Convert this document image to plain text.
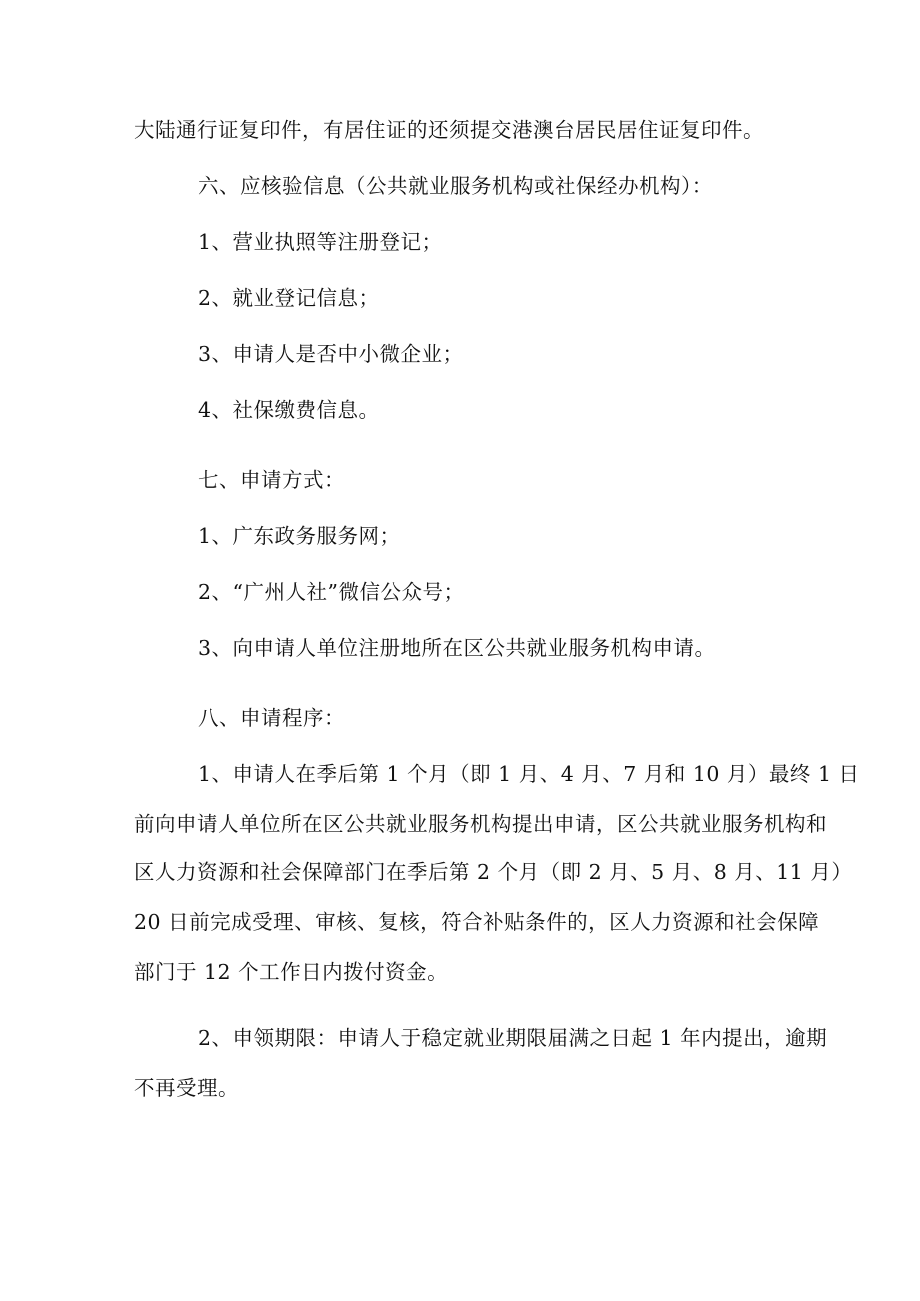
大陆通行证复印件，有居住证的还须提交港澳台居民居住证复印件。
六、应核验信息（公共就业服务机构或社保经办机构）：
1、营业执照等注册登记；
2、就业登记信息；
3、申请人是否中小微企业；
4、社保缴费信息。
七、申请方式：
1、广东政务服务网；
2、“广州人社”微信公众号；
3、向申请人单位注册地所在区公共就业服务机构申请。
八、申请程序：
1、申请人在季后第 1 个月（即 1 月、4 月、7 月和 10 月）最终 1 日
前向申请人单位所在区公共就业服务机构提出申请，区公共就业服务机构和
区人力资源和社会保障部门在季后第 2 个月（即 2 月、5 月、8 月、11 月）
20 日前完成受理、审核、复核，符合补贴条件的，区人力资源和社会保障
部门于 12 个工作日内拨付资金。
2、申领期限：申请人于稳定就业期限届满之日起 1 年内提出，逾期
不再受理。
